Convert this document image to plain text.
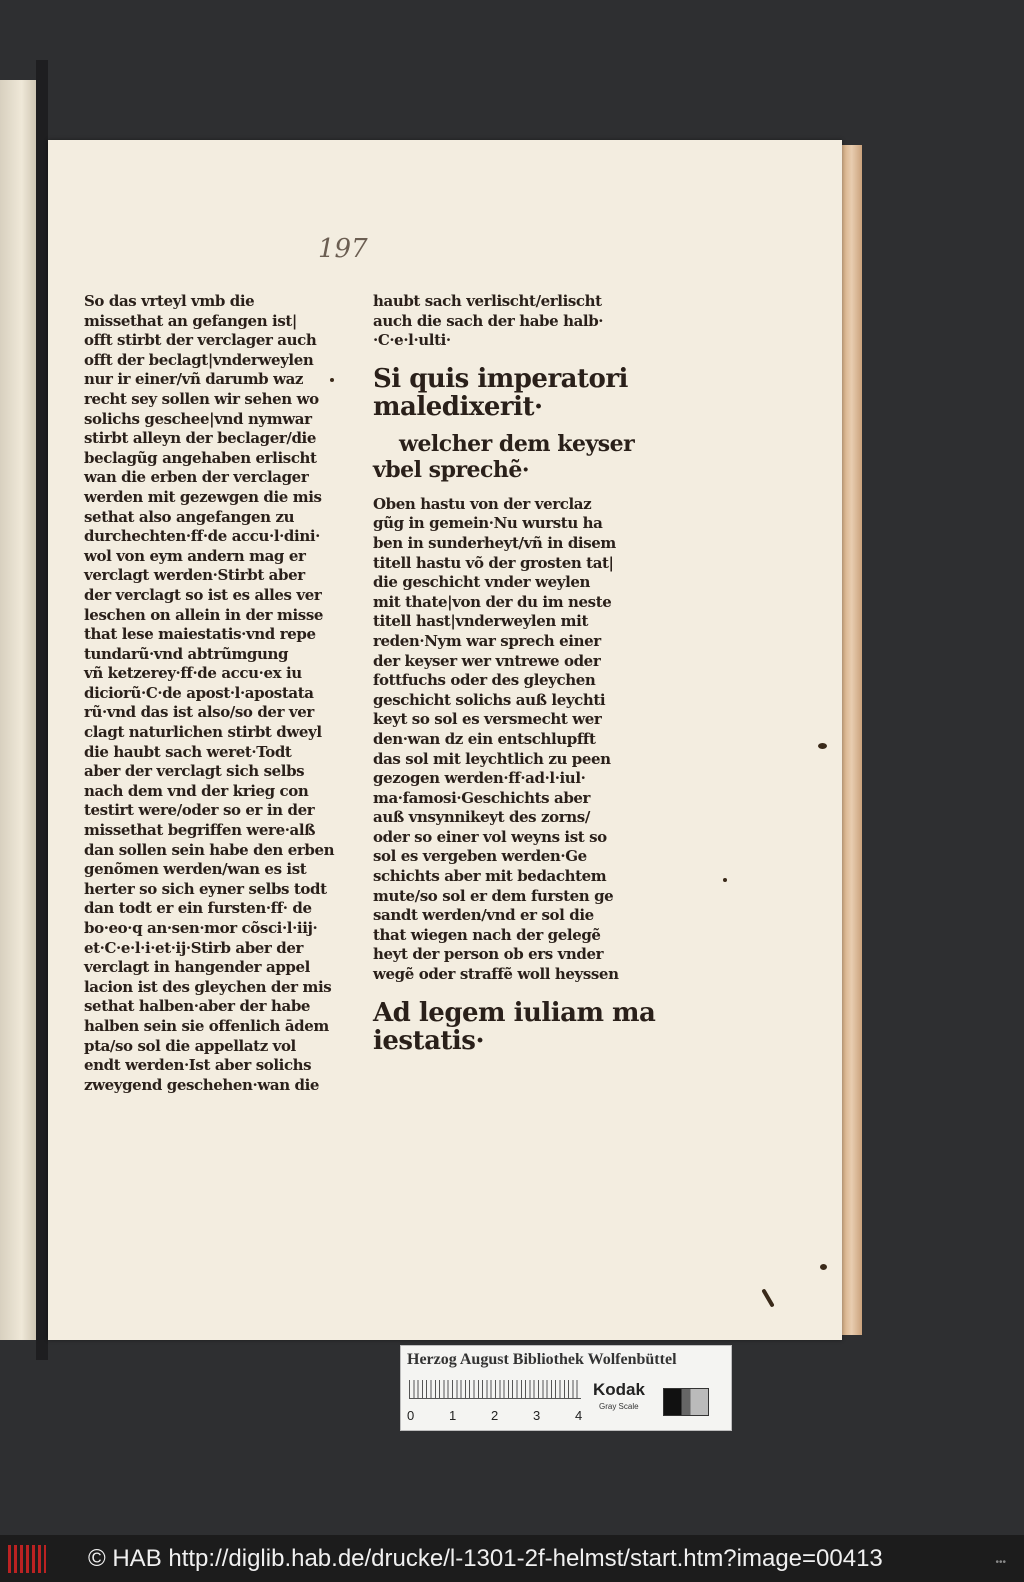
197
So das vrteyl vmb die
missethat an gefangen ist|
offt stirbt der verclager auch
offt der beclagt|vnderweylen
nur ir einer/vñ darumb waz
recht sey sollen wir sehen wo
solichs geschee|vnd nymwar
stirbt alleyn der beclager/die
beclagũg angehaben erlischt
wan die erben der verclager
werden mit gezewgen die mis
sethat also angefangen zu
durchechten·ff·de accu·l·dini·
wol von eym andern mag er
verclagt werden·Stirbt aber
der verclagt so ist es alles ver
leschen on allein in der misse
that lese maiestatis·vnd repe
tundarũ·vnd abtrũmgung
vñ ketzerey·ff·de accu·ex iu
diciorũ·C·de apost·l·apostata
rũ·vnd das ist also/so der ver
clagt naturlichen stirbt dweyl
die haubt sach weret·Todt
aber der verclagt sich selbs
nach dem vnd der krieg con
testirt were/oder so er in der
missethat begriffen were·alß
dan sollen sein habe den erben
genõmen werden/wan es ist
herter so sich eyner selbs todt
dan todt er ein fursten·ff· de
bo·eo·q an·sen·mor cõsci·l·iij·
et·C·e·l·i·et·ij·Stirb aber der
verclagt in hangender appel
lacion ist des gleychen der mis
sethat halben·aber der habe
halben sein sie offenlich ādem
pta/so sol die appellatz vol
endt werden·Ist aber solichs
zweygend geschehen·wan die
haubt sach verlischt/erlischt
auch die sach der habe halb·
·C·e·l·ulti·
Si quis imperatori
maledixerit·
welcher dem keyser
vbel sprechẽ·
Oben hastu von der verclaz
gũg in gemein·Nu wurstu ha
ben in sunderheyt/vñ in disem
titell hastu võ der grosten tat|
die geschicht vnder weylen
mit thate|von der du im neste
titell hast|vnderweylen mit
reden·Nym war sprech einer
der keyser wer vntrewe oder
fottfuchs oder des gleychen
geschicht solichs auß leychti
keyt so sol es versmecht wer
den·wan dz ein entschlupfft
das sol mit leychtlich zu peen
gezogen werden·ff·ad·l·iul·
ma·famosi·Geschichts aber
auß vnsynnikeyt des zorns/
oder so einer vol weyns ist so
sol es vergeben werden·Ge
schichts aber mit bedachtem
mute/so sol er dem fursten ge
sandt werden/vnd er sol die
that wiegen nach der gelegẽ
heyt der person ob ers vnder
wegẽ oder straffẽ woll heyssen
Ad legem iuliam ma
iestatis·
Herzog August Bibliothek Wolfenbüttel
0	1	2	3	4
Kodak
Gray Scale
© HAB http://diglib.hab.de/drucke/l-1301-2f-helmst/start.htm?image=00413	•••
